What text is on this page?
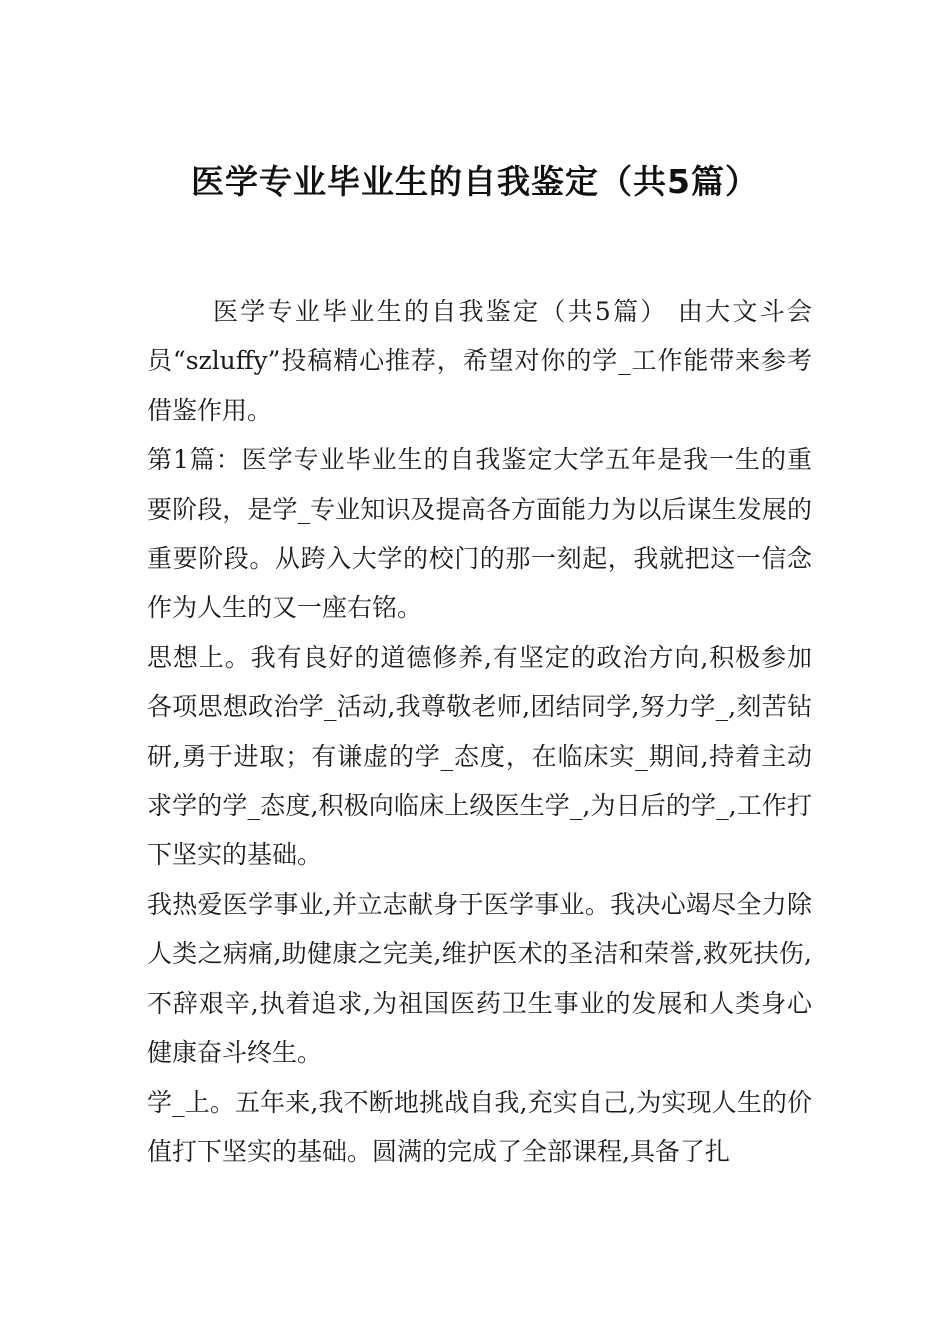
医学专业毕业生的自我鉴定（共5篇）

医学专业毕业生的自我鉴定（共5篇） 由大文斗会员“szluffy”投稿精心推荐，希望对你的学_工作能带来参考借鉴作用。

第1篇：医学专业毕业生的自我鉴定大学五年是我一生的重要阶段，是学_专业知识及提高各方面能力为以后谋生发展的重要阶段。从跨入大学的校门的那一刻起，我就把这一信念作为人生的又一座右铭。

思想上。我有良好的道德修养,有坚定的政治方向,积极参加各项思想政治学_活动,我尊敬老师,团结同学,努力学_,刻苦钻研,勇于进取；有谦虚的学_态度，在临床实_期间,持着主动求学的学_态度,积极向临床上级医生学_,为日后的学_,工作打下坚实的基础。

我热爱医学事业,并立志献身于医学事业。我决心竭尽全力除人类之病痛,助健康之完美,维护医术的圣洁和荣誉,救死扶伤,不辞艰辛,执着追求,为祖国医药卫生事业的发展和人类身心健康奋斗终生。

学_上。五年来,我不断地挑战自我,充实自己,为实现人生的价值打下坚实的基础。圆满的完成了全部课程,具备了扎
